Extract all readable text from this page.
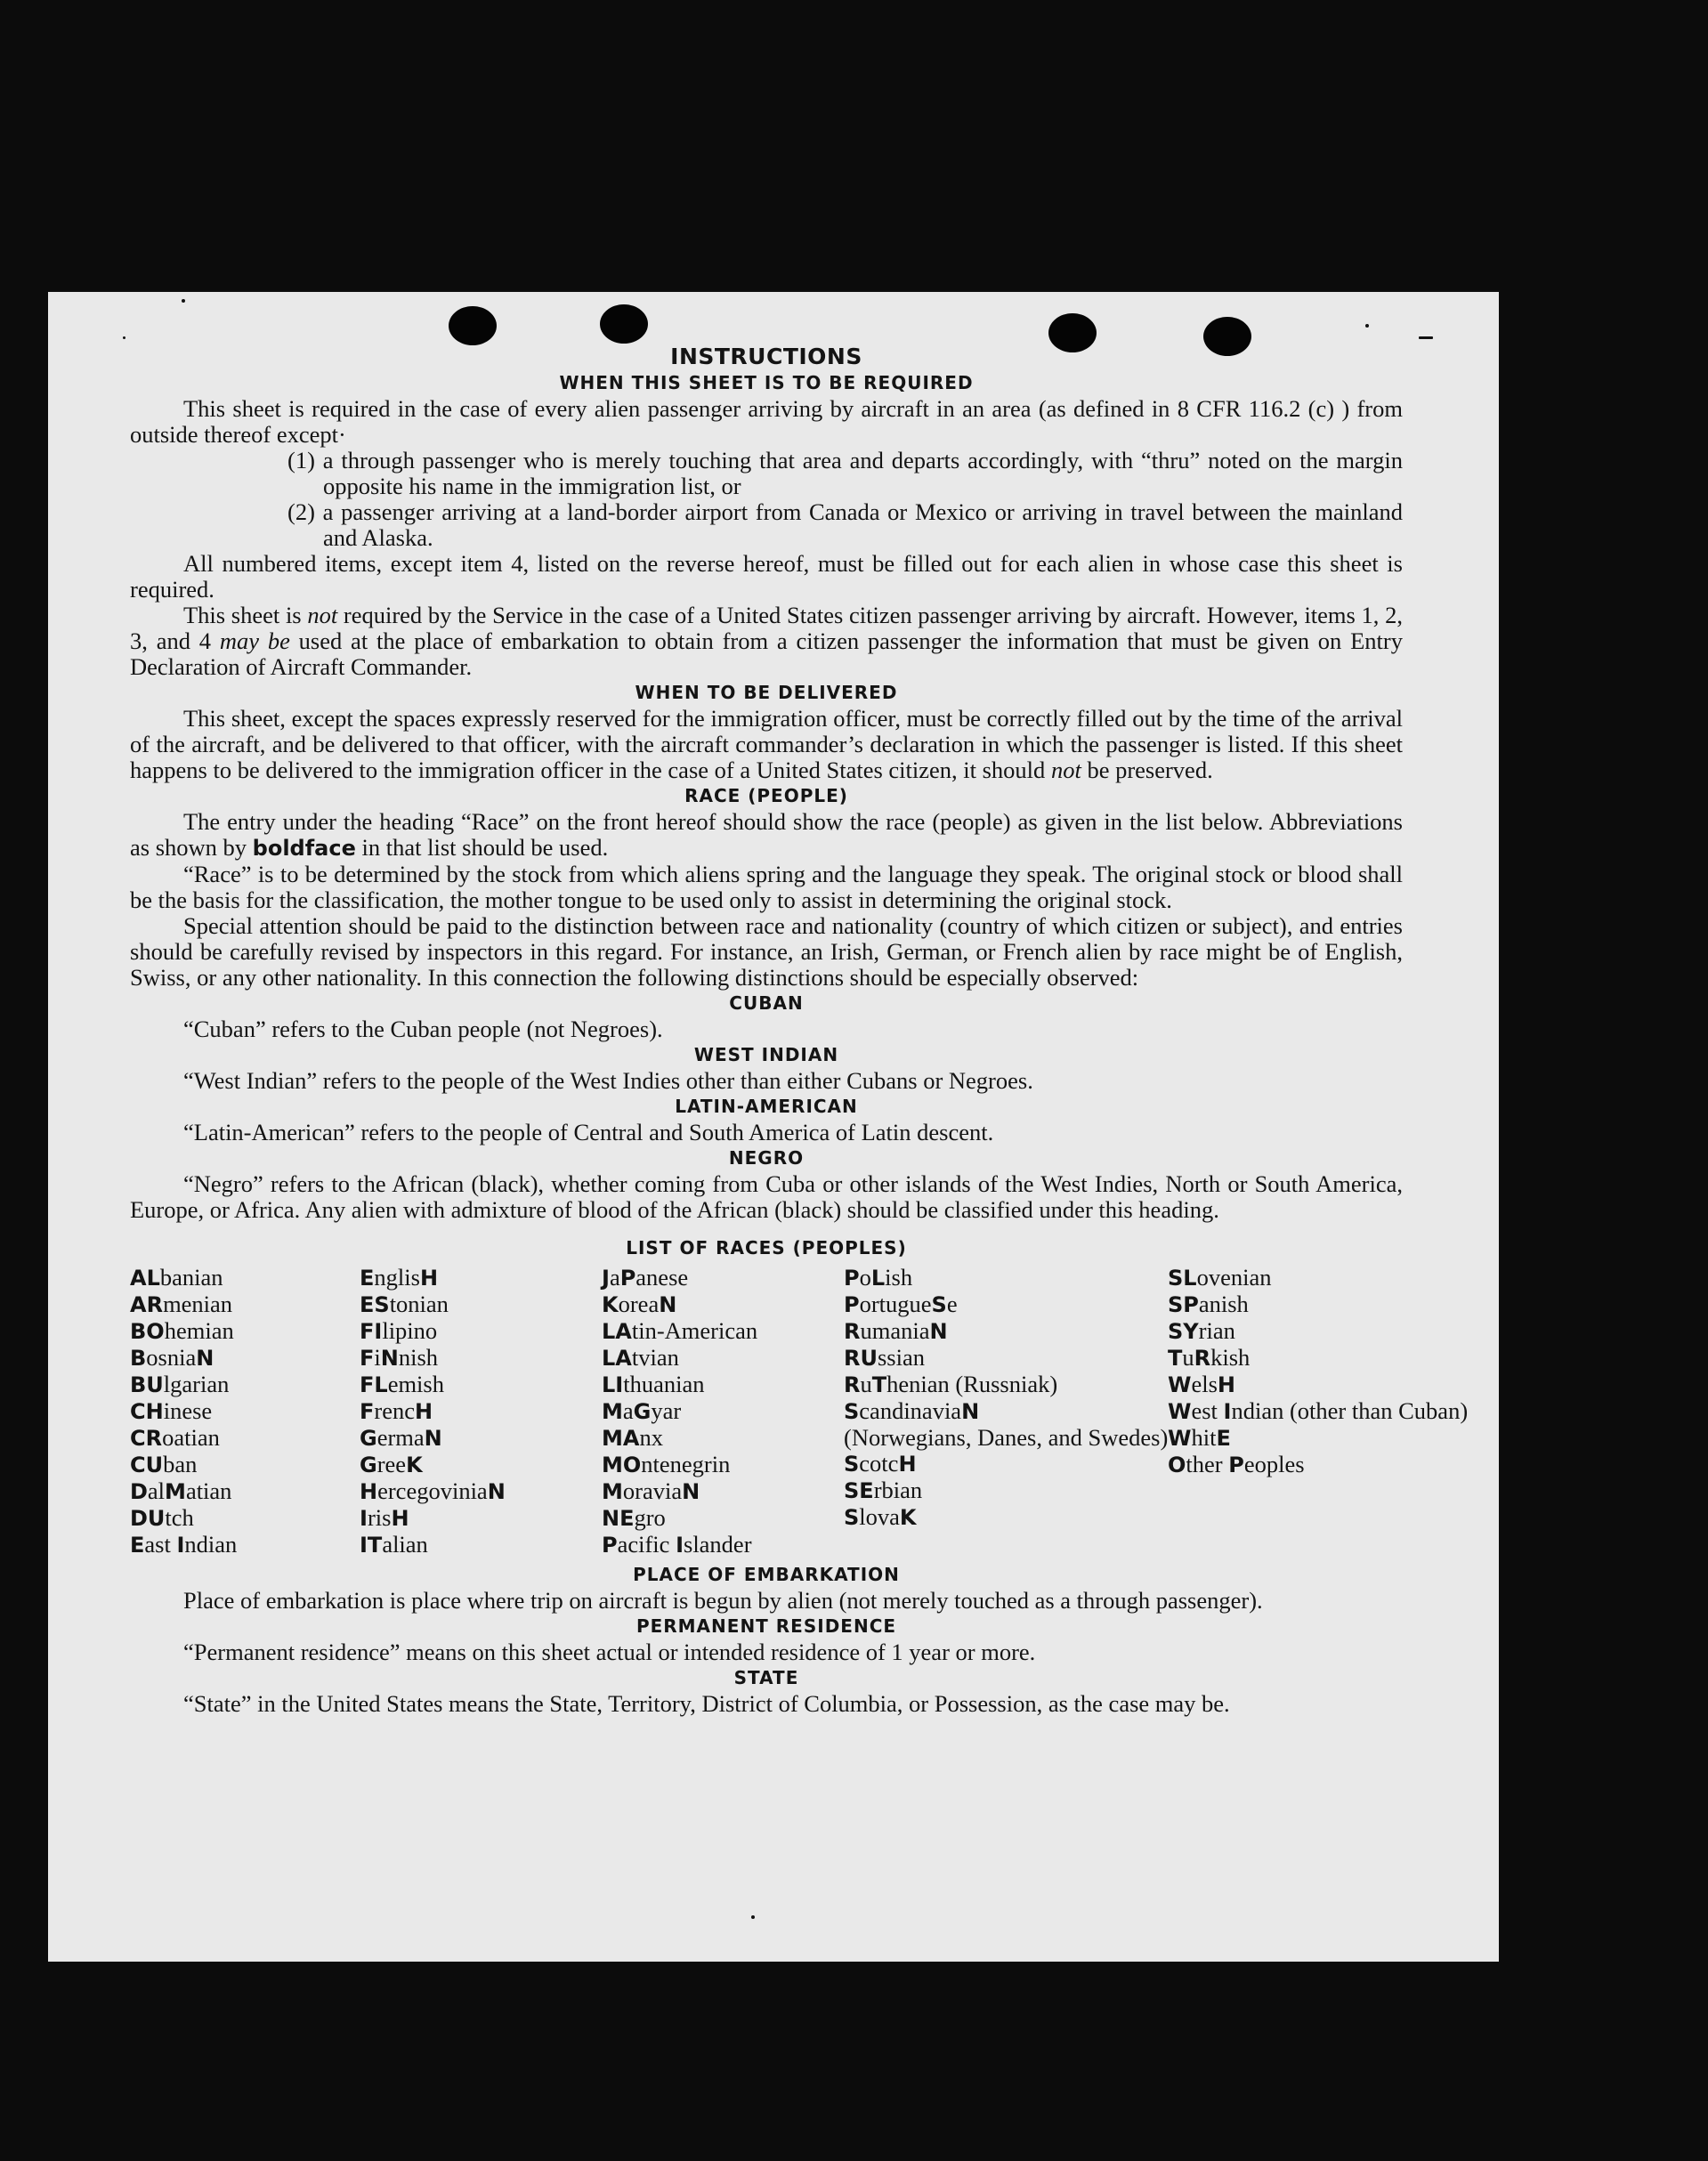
INSTRUCTIONS
WHEN THIS SHEET IS TO BE REQUIRED

This sheet is required in the case of every alien passenger arriving by aircraft in an area (as defined in 8 CFR 116.2 (c) ) from outside thereof except·

(1) a through passenger who is merely touching that area and departs accordingly, with “thru” noted on the margin opposite his name in the immigration list, or

(2) a passenger arriving at a land-border airport from Canada or Mexico or arriving in travel between the mainland and Alaska.

All numbered items, except item 4, listed on the reverse hereof, must be filled out for each alien in whose case this sheet is required.

This sheet is not required by the Service in the case of a United States citizen passenger arriving by aircraft. However, items 1, 2, 3, and 4 may be used at the place of embarkation to obtain from a citizen passenger the information that must be given on Entry Declaration of Aircraft Commander.

WHEN TO BE DELIVERED

This sheet, except the spaces expressly reserved for the immigration officer, must be correctly filled out by the time of the arrival of the aircraft, and be delivered to that officer, with the aircraft commander’s declaration in which the passenger is listed. If this sheet happens to be delivered to the immigration officer in the case of a United States citizen, it should not be preserved.

RACE (PEOPLE)

The entry under the heading “Race” on the front hereof should show the race (people) as given in the list below. Abbreviations as shown by boldface in that list should be used.

“Race” is to be determined by the stock from which aliens spring and the language they speak. The original stock or blood shall be the basis for the classification, the mother tongue to be used only to assist in determining the original stock.

Special attention should be paid to the distinction between race and nationality (country of which citizen or subject), and entries should be carefully revised by inspectors in this regard. For instance, an Irish, German, or French alien by race might be of English, Swiss, or any other nationality. In this connection the following distinctions should be especially observed:

CUBAN

“Cuban” refers to the Cuban people (not Negroes).

WEST INDIAN

“West Indian” refers to the people of the West Indies other than either Cubans or Negroes.

LATIN-AMERICAN

“Latin-American” refers to the people of Central and South America of Latin descent.

NEGRO

“Negro” refers to the African (black), whether coming from Cuba or other islands of the West Indies, North or South America, Europe, or Africa. Any alien with admixture of blood of the African (black) should be classified under this heading.

LIST OF RACES (PEOPLES)
ALbanian
ARmenian
BOhemian
BosniaN
BUlgarian
CHinese
CRoatian
CUban
DalMatian
DUtch
East Indian
EnglisH
EStonian
FIlipino
FiNnish
FLemish
FrencH
GermaN
GreeK
HercegoviniaN
IrisH
ITalian
JaPanese
KoreaN
LAtin-American
LAtvian
LIthuanian
MaGyar
MAnx
MOntenegrin
MoraviaN
NEgro
Pacific Islander
PoLish
PortugueSe
RumaniaN
RUssian
RuThenian (Russniak)
ScandinaviaN (Norwegians, Danes, and Swedes)
ScotcH
SErbian
SlovaK
SLovenian
SPanish
SYrian
TuRkish
WelsH
West Indian (other than Cuban)
WhitE
Other Peoples
PLACE OF EMBARKATION

Place of embarkation is place where trip on aircraft is begun by alien (not merely touched as a through passenger).

PERMANENT RESIDENCE

“Permanent residence” means on this sheet actual or intended residence of 1 year or more.

STATE

“State” in the United States means the State, Territory, District of Columbia, or Possession, as the case may be.
